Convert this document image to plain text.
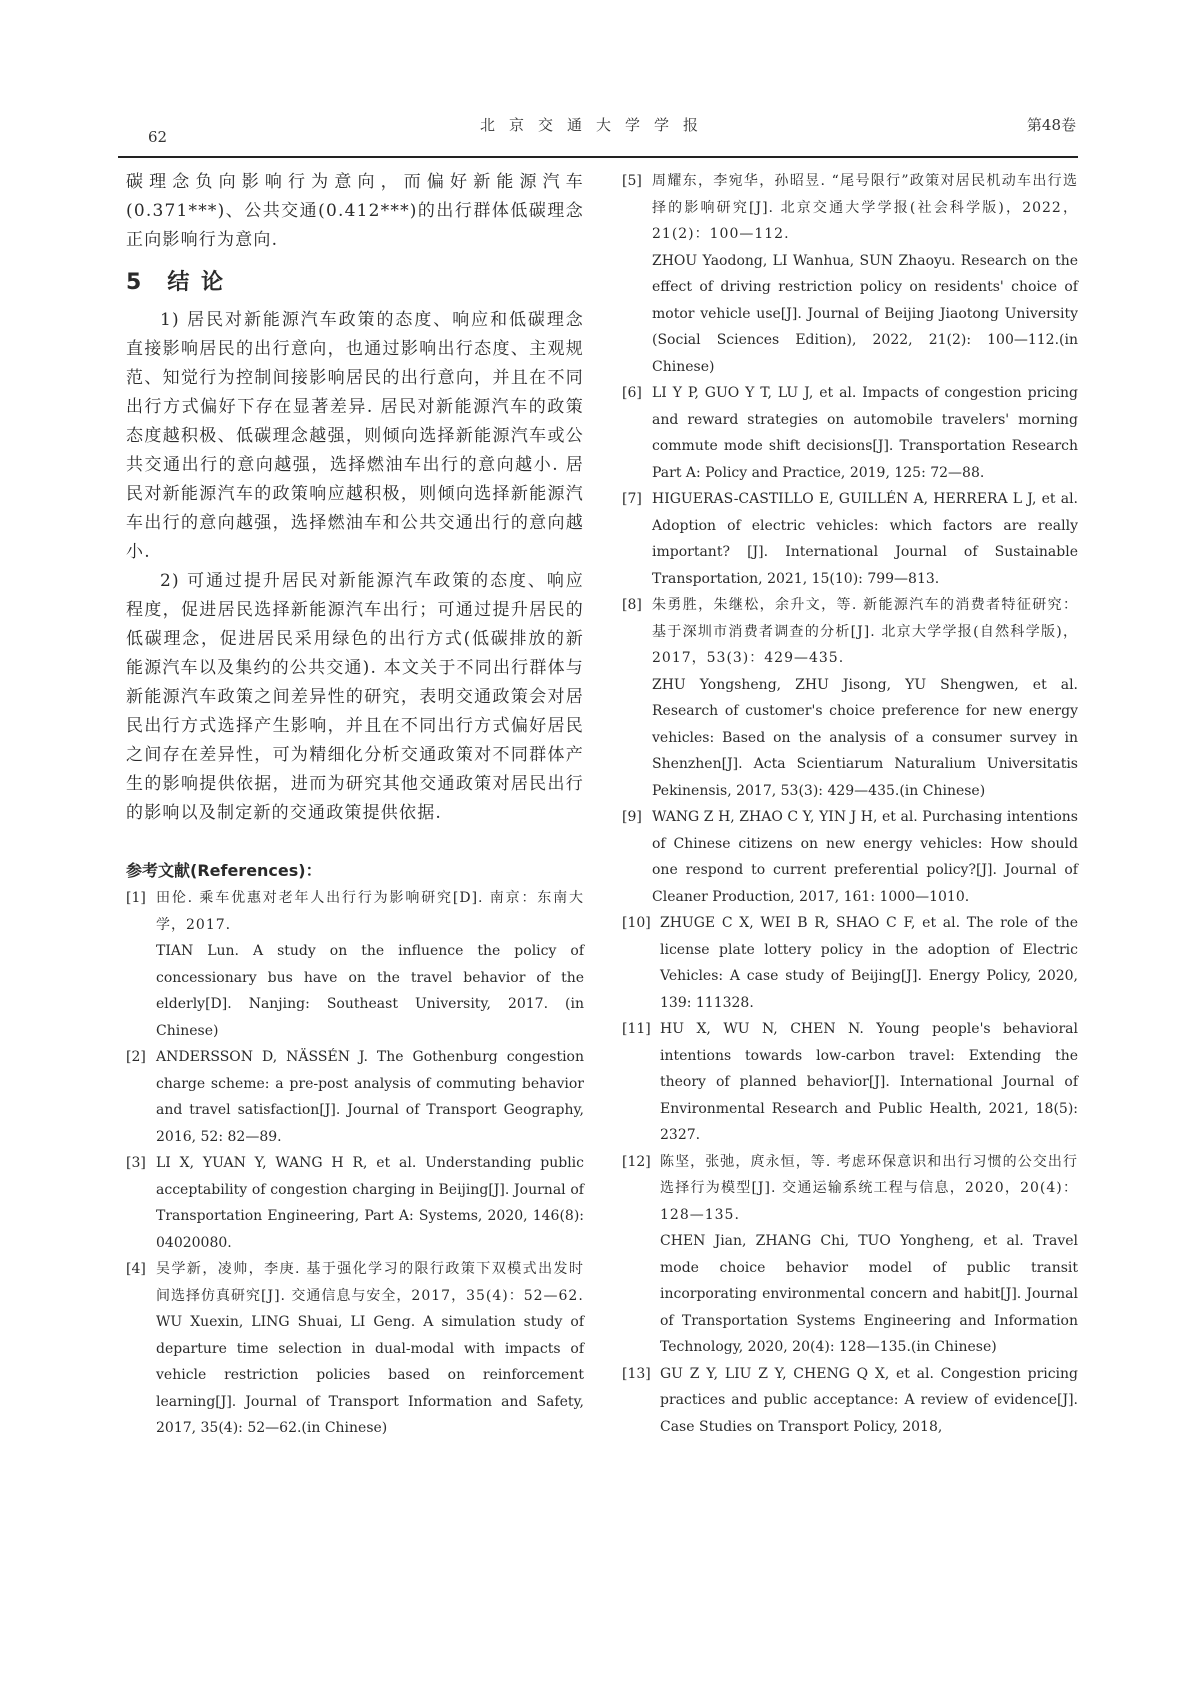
62
北京交通大学学报	第48卷

碳理念负向影响行为意向，而偏好新能源汽车(0.371***)、公共交通(0.412***)的出行群体低碳理念正向影响行为意向.

5 结 论

1) 居民对新能源汽车政策的态度、响应和低碳理念直接影响居民的出行意向，也通过影响出行态度、主观规范、知觉行为控制间接影响居民的出行意向，并且在不同出行方式偏好下存在显著差异. 居民对新能源汽车的政策态度越积极、低碳理念越强，则倾向选择新能源汽车或公共交通出行的意向越强，选择燃油车出行的意向越小. 居民对新能源汽车的政策响应越积极，则倾向选择新能源汽车出行的意向越强，选择燃油车和公共交通出行的意向越小.

2) 可通过提升居民对新能源汽车政策的态度、响应程度，促进居民选择新能源汽车出行；可通过提升居民的低碳理念，促进居民采用绿色的出行方式(低碳排放的新能源汽车以及集约的公共交通). 本文关于不同出行群体与新能源汽车政策之间差异性的研究，表明交通政策会对居民出行方式选择产生影响，并且在不同出行方式偏好居民之间存在差异性，可为精细化分析交通政策对不同群体产生的影响提供依据，进而为研究其他交通政策对居民出行的影响以及制定新的交通政策提供依据.

参考文献(References)：

[1] 田伦. 乘车优惠对老年人出行行为影响研究[D]. 南京：东南大学，2017.
TIAN Lun. A study on the influence the policy of concessionary bus have on the travel behavior of the elderly[D]. Nanjing: Southeast University, 2017. (in Chinese)

[2] ANDERSSON D, NÄSSÉN J. The Gothenburg congestion charge scheme: a pre-post analysis of commuting behavior and travel satisfaction[J]. Journal of Transport Geography, 2016, 52: 82—89.

[3] LI X, YUAN Y, WANG H R, et al. Understanding public acceptability of congestion charging in Beijing[J]. Journal of Transportation Engineering, Part A: Systems, 2020, 146(8): 04020080.

[4] 吴学新，凌帅，李庚. 基于强化学习的限行政策下双模式出发时间选择仿真研究[J]. 交通信息与安全，2017，35(4)：52—62.
WU Xuexin, LING Shuai, LI Geng. A simulation study of departure time selection in dual-modal with impacts of vehicle restriction policies based on reinforcement learning[J]. Journal of Transport Information and Safety, 2017, 35(4): 52—62.(in Chinese)

[5] 周耀东，李宛华，孙昭昱. “尾号限行”政策对居民机动车出行选择的影响研究[J]. 北京交通大学学报(社会科学版)，2022，21(2)：100—112.
ZHOU Yaodong, LI Wanhua, SUN Zhaoyu. Research on the effect of driving restriction policy on residents' choice of motor vehicle use[J]. Journal of Beijing Jiaotong University (Social Sciences Edition), 2022, 21(2): 100—112.(in Chinese)

[6] LI Y P, GUO Y T, LU J, et al. Impacts of congestion pricing and reward strategies on automobile travelers' morning commute mode shift decisions[J]. Transportation Research Part A: Policy and Practice, 2019, 125: 72—88.

[7] HIGUERAS-CASTILLO E, GUILLÉN A, HERRERA L J, et al. Adoption of electric vehicles: which factors are really important? [J]. International Journal of Sustainable Transportation, 2021, 15(10): 799—813.

[8] 朱勇胜，朱继松，余升文，等. 新能源汽车的消费者特征研究：基于深圳市消费者调查的分析[J]. 北京大学学报(自然科学版)，2017，53(3)：429—435.
ZHU Yongsheng, ZHU Jisong, YU Shengwen, et al. Research of customer's choice preference for new energy vehicles: Based on the analysis of a consumer survey in Shenzhen[J]. Acta Scientiarum Naturalium Universitatis Pekinensis, 2017, 53(3): 429—435.(in Chinese)

[9] WANG Z H, ZHAO C Y, YIN J H, et al. Purchasing intentions of Chinese citizens on new energy vehicles: How should one respond to current preferential policy?[J]. Journal of Cleaner Production, 2017, 161: 1000—1010.

[10] ZHUGE C X, WEI B R, SHAO C F, et al. The role of the license plate lottery policy in the adoption of Electric Vehicles: A case study of Beijing[J]. Energy Policy, 2020, 139: 111328.

[11] HU X, WU N, CHEN N. Young people's behavioral intentions towards low-carbon travel: Extending the theory of planned behavior[J]. International Journal of Environmental Research and Public Health, 2021, 18(5): 2327.

[12] 陈坚，张弛，庹永恒，等. 考虑环保意识和出行习惯的公交出行选择行为模型[J]. 交通运输系统工程与信息，2020，20(4)：128—135.
CHEN Jian, ZHANG Chi, TUO Yongheng, et al. Travel mode choice behavior model of public transit incorporating environmental concern and habit[J]. Journal of Transportation Systems Engineering and Information Technology, 2020, 20(4): 128—135.(in Chinese)

[13] GU Z Y, LIU Z Y, CHENG Q X, et al. Congestion pricing practices and public acceptance: A review of evidence[J]. Case Studies on Transport Policy, 2018,
